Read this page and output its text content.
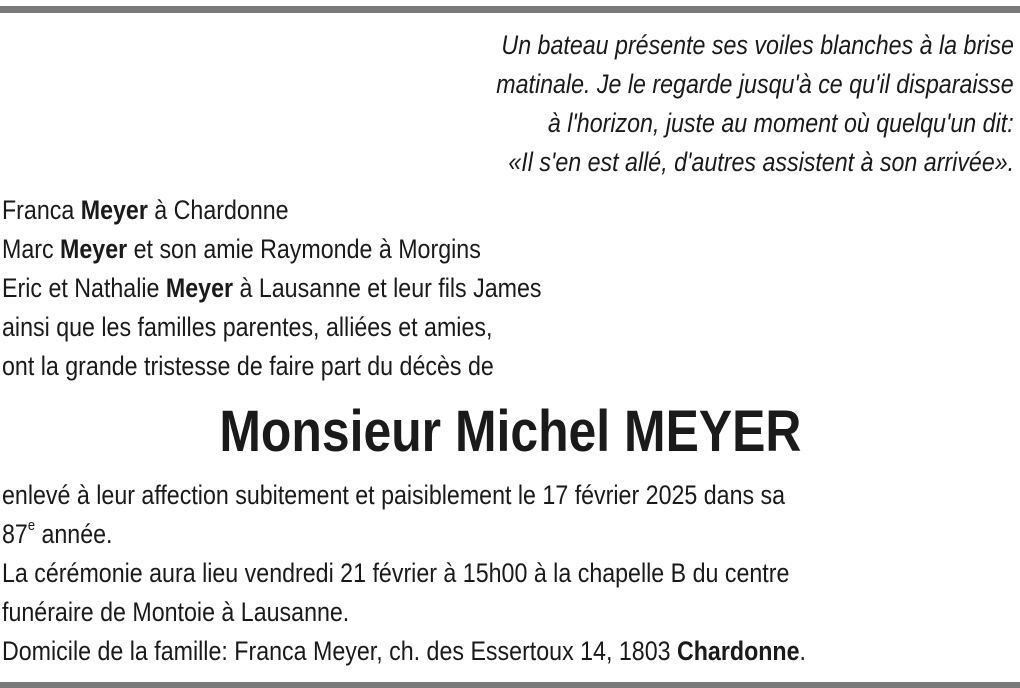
Un bateau présente ses voiles blanches à la brise
matinale. Je le regarde jusqu'à ce qu'il disparaisse
à l'horizon, juste au moment où quelqu'un dit:
«Il s'en est allé, d'autres assistent à son arrivée».
Franca Meyer à Chardonne
Marc Meyer et son amie Raymonde à Morgins
Eric et Nathalie Meyer à Lausanne et leur fils James
ainsi que les familles parentes, alliées et amies,
ont la grande tristesse de faire part du décès de
Monsieur Michel MEYER
enlevé à leur affection subitement et paisiblement le 17 février 2025 dans sa
87e année.
La cérémonie aura lieu vendredi 21 février à 15h00 à la chapelle B du centre
funéraire de Montoie à Lausanne.
Domicile de la famille: Franca Meyer, ch. des Essertoux 14, 1803 Chardonne.
